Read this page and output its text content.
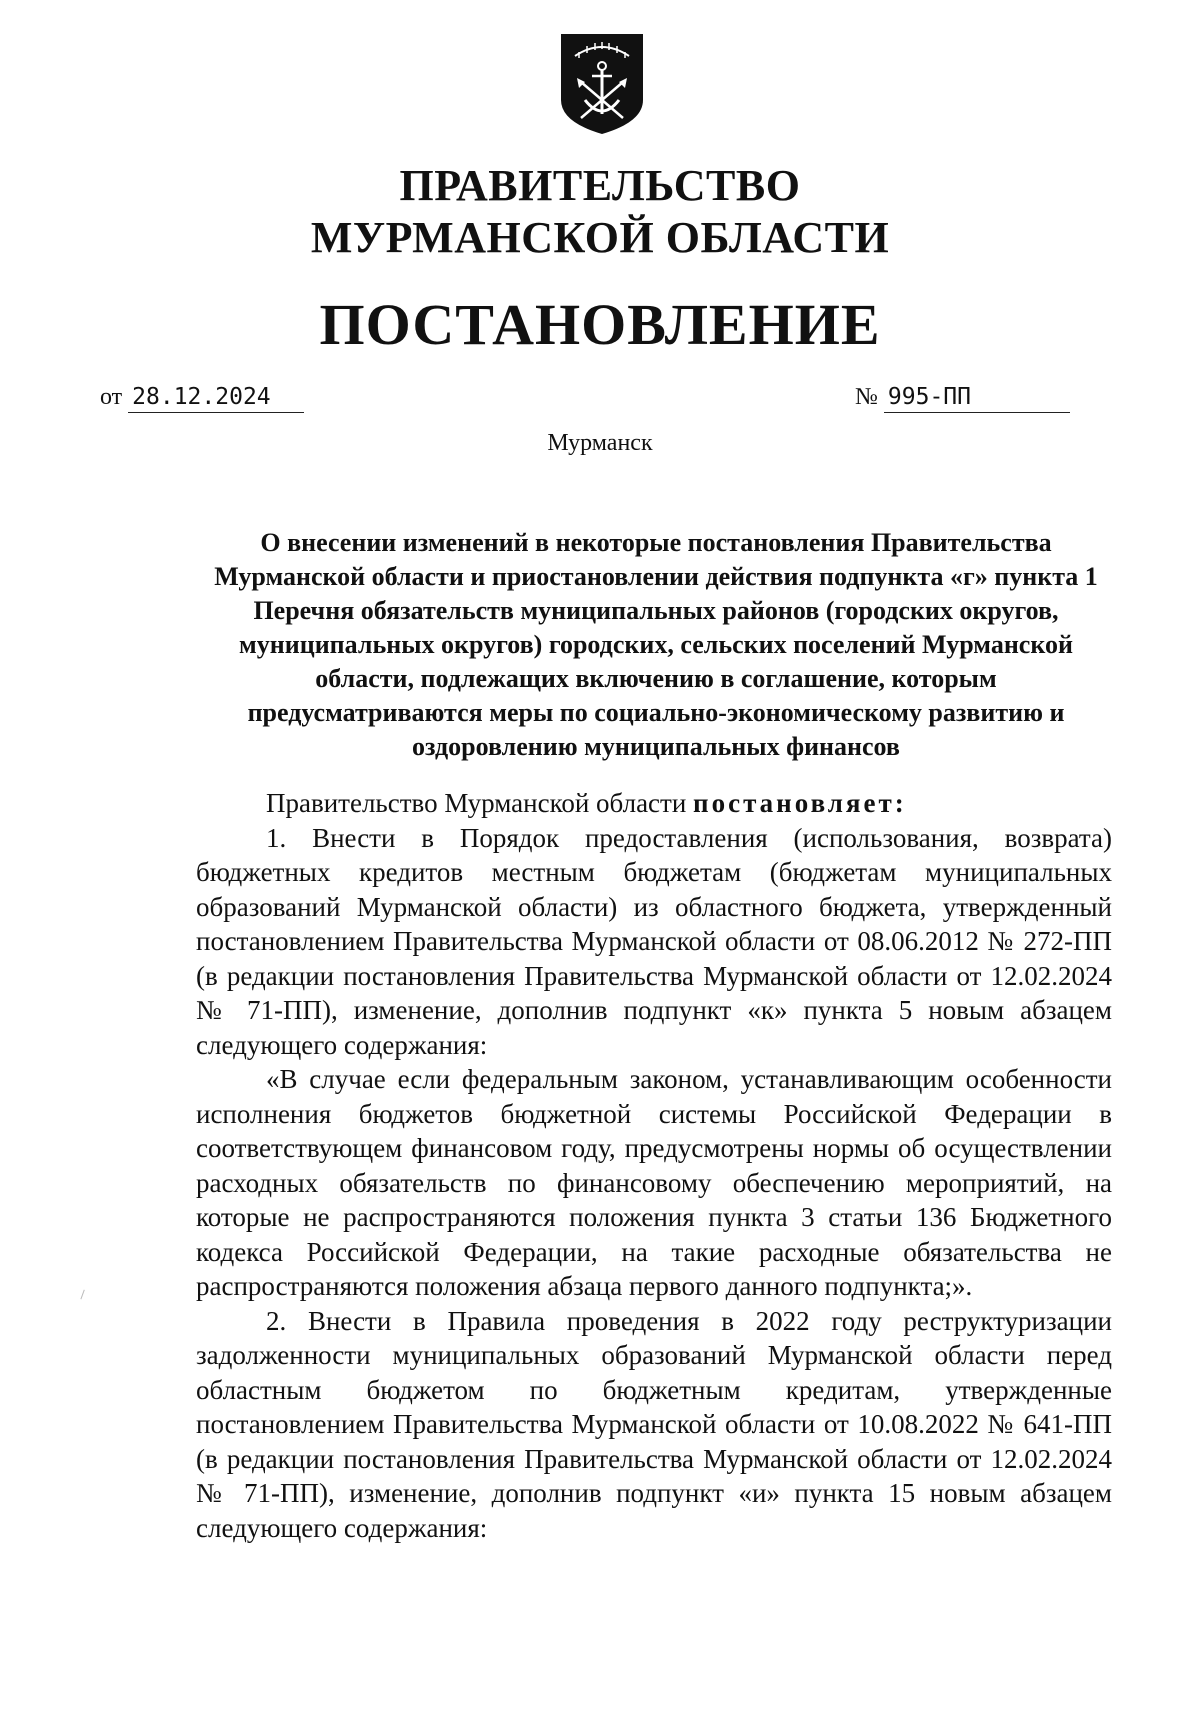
ПРАВИТЕЛЬСТВО
МУРМАНСКОЙ ОБЛАСТИ
ПОСТАНОВЛЕНИЕ
от 28.12.2024	№ 995-ПП
Мурманск
О внесении изменений в некоторые постановления Правительства Мурманской области и приостановлении действия подпункта «г» пункта 1 Перечня обязательств муниципальных районов (городских округов, муниципальных округов) городских, сельских поселений Мурманской области, подлежащих включению в соглашение, которым предусматриваются меры по социально-экономическому развитию и оздоровлению муниципальных финансов

Правительство Мурманской области постановляет:

1. Внести в Порядок предоставления (использования, возврата) бюджетных кредитов местным бюджетам (бюджетам муниципальных образований Мурманской области) из областного бюджета, утвержденный постановлением Правительства Мурманской области от 08.06.2012 № 272-ПП (в редакции постановления Правительства Мурманской области от 12.02.2024 № 71-ПП), изменение, дополнив подпункт «к» пункта 5 новым абзацем следующего содержания:

«В случае если федеральным законом, устанавливающим особенности исполнения бюджетов бюджетной системы Российской Федерации в соответствующем финансовом году, предусмотрены нормы об осуществлении расходных обязательств по финансовому обеспечению мероприятий, на которые не распространяются положения пункта 3 статьи 136 Бюджетного кодекса Российской Федерации, на такие расходные обязательства не распространяются положения абзаца первого данного подпункта;».

2. Внести в Правила проведения в 2022 году реструктуризации задолженности муниципальных образований Мурманской области перед областным бюджетом по бюджетным кредитам, утвержденные постановлением Правительства Мурманской области от 10.08.2022 № 641-ПП (в редакции постановления Правительства Мурманской области от 12.02.2024 № 71-ПП), изменение, дополнив подпункт «и» пункта 15 новым абзацем следующего содержания:
